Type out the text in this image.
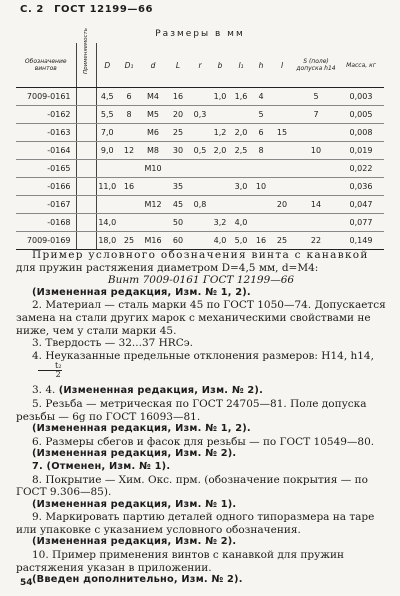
С. 2 ГОСТ 12199—66
Размеры в мм
Обозначение винтов	Применяемость	D	D₁	d	L	r	b	l₁	h	l	S (поле) допуска h14	Масса, кг
7009-0161		4,5	6	M4	16		1,0	1,6	4		5	0,003
-0162		5,5	8	M5	20	0,3			5		7	0,005
-0163		7,0		M6	25		1,2	2,0	6	15		0,008
-0164		9,0	12	M8	30	0,5	2,0	2,5	8		10	0,019
-0165				M10								0,022
-0166		11,0	16		35			3,0	10			0,036
-0167				M12	45	0,8				20	14	0,047
-0168		14,0			50		3,2	4,0				0,077
7009-0169		18,0	25	M16	60		4,0	5,0	16	25	22	0,149

Пример условного обозначения винта с канавкой

для пружин растяжения диаметром D=4,5 мм, d=M4:

Винт 7009-0161 ГОСТ 12199—66

(Измененная редакция, Изм. № 1, 2).

2. Материал — сталь марки 45 по ГОСТ 1050—74. Допускается замена на стали других марок с механическими свойствами не ниже, чем у стали марки 45.

3. Твердость — 32...37 HRCэ.

4. Неуказанные предельные отклонения размеров: H14, h14,

$\frac{\text{t₂}}{2}$

3. 4. (Измененная редакция, Изм. № 2).

5. Резьба — метрическая по ГОСТ 24705—81. Поле допуска резьбы — 6g по ГОСТ 16093—81.

(Измененная редакция, Изм. № 1, 2).

6. Размеры сбегов и фасок для резьбы — по ГОСТ 10549—80.

(Измененная редакция, Изм. № 2).

7. (Отменен, Изм. № 1).

8. Покрытие — Хим. Окс. прм. (обозначение покрытия — по ГОСТ 9.306—85).

(Измененная редакция, Изм. № 1).

9. Маркировать партию деталей одного типоразмера на таре или упаковке с указанием условного обозначения.

(Измененная редакция, Изм. № 2).

10. Пример применения винтов с канавкой для пружин растяжения указан в приложении.

(Введен дополнительно, Изм. № 2).

54
